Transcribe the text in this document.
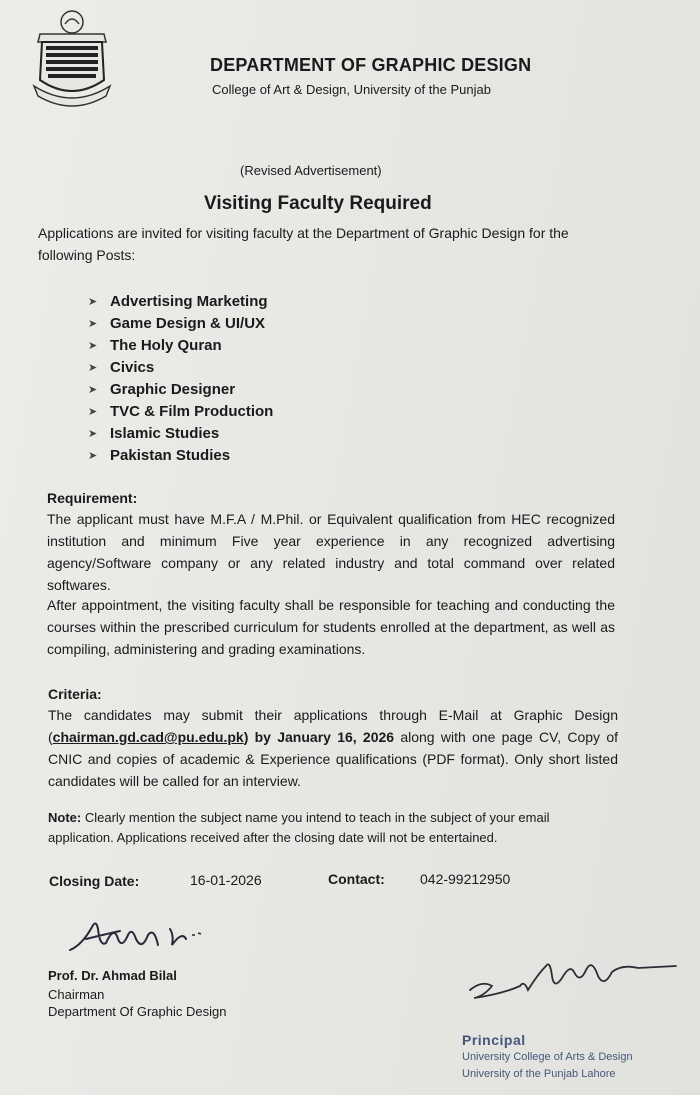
DEPARTMENT OF GRAPHIC DESIGN
College of Art & Design, University of the Punjab
(Revised Advertisement)
Visiting Faculty Required
Applications are invited for visiting faculty at the Department of Graphic Design for the following Posts:
➤ Advertising Marketing
➤ Game Design & UI/UX
➤ The Holy Quran
➤ Civics
➤ Graphic Designer
➤ TVC & Film Production
➤ Islamic Studies
➤ Pakistan Studies
Requirement:

The applicant must have M.F.A / M.Phil. or Equivalent qualification from HEC recognized institution and minimum Five year experience in any recognized advertising agency/Software company or any related industry and total command over related softwares.

After appointment, the visiting faculty shall be responsible for teaching and conducting the courses within the prescribed curriculum for students enrolled at the department, as well as compiling, administering and grading examinations.

Criteria:

The candidates may submit their applications through E-Mail at Graphic Design (chairman.gd.cad@pu.edu.pk) by January 16, 2026 along with one page CV, Copy of CNIC and copies of academic & Experience qualifications (PDF format). Only short listed candidates will be called for an interview.

Note: Clearly mention the subject name you intend to teach in the subject of your email application. Applications received after the closing date will not be entertained.

Closing Date:	16-01-2026	Contact:	042-99212950
Prof. Dr. Ahmad Bilal
Chairman
Department Of Graphic Design
Principal
University College of Arts & Design
University of the Punjab Lahore
